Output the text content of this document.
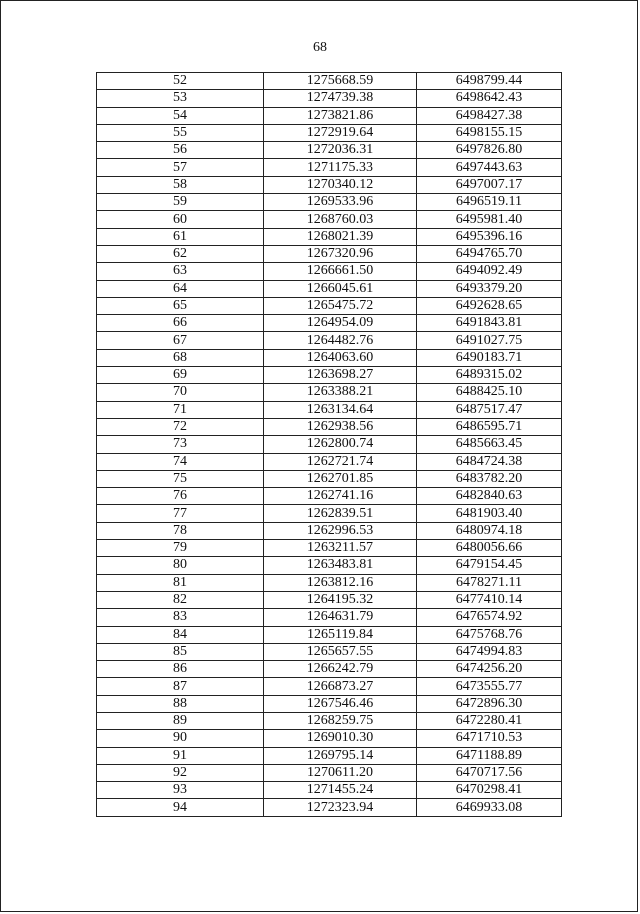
68
52	1275668.59	6498799.44
53	1274739.38	6498642.43
54	1273821.86	6498427.38
55	1272919.64	6498155.15
56	1272036.31	6497826.80
57	1271175.33	6497443.63
58	1270340.12	6497007.17
59	1269533.96	6496519.11
60	1268760.03	6495981.40
61	1268021.39	6495396.16
62	1267320.96	6494765.70
63	1266661.50	6494092.49
64	1266045.61	6493379.20
65	1265475.72	6492628.65
66	1264954.09	6491843.81
67	1264482.76	6491027.75
68	1264063.60	6490183.71
69	1263698.27	6489315.02
70	1263388.21	6488425.10
71	1263134.64	6487517.47
72	1262938.56	6486595.71
73	1262800.74	6485663.45
74	1262721.74	6484724.38
75	1262701.85	6483782.20
76	1262741.16	6482840.63
77	1262839.51	6481903.40
78	1262996.53	6480974.18
79	1263211.57	6480056.66
80	1263483.81	6479154.45
81	1263812.16	6478271.11
82	1264195.32	6477410.14
83	1264631.79	6476574.92
84	1265119.84	6475768.76
85	1265657.55	6474994.83
86	1266242.79	6474256.20
87	1266873.27	6473555.77
88	1267546.46	6472896.30
89	1268259.75	6472280.41
90	1269010.30	6471710.53
91	1269795.14	6471188.89
92	1270611.20	6470717.56
93	1271455.24	6470298.41
94	1272323.94	6469933.08
